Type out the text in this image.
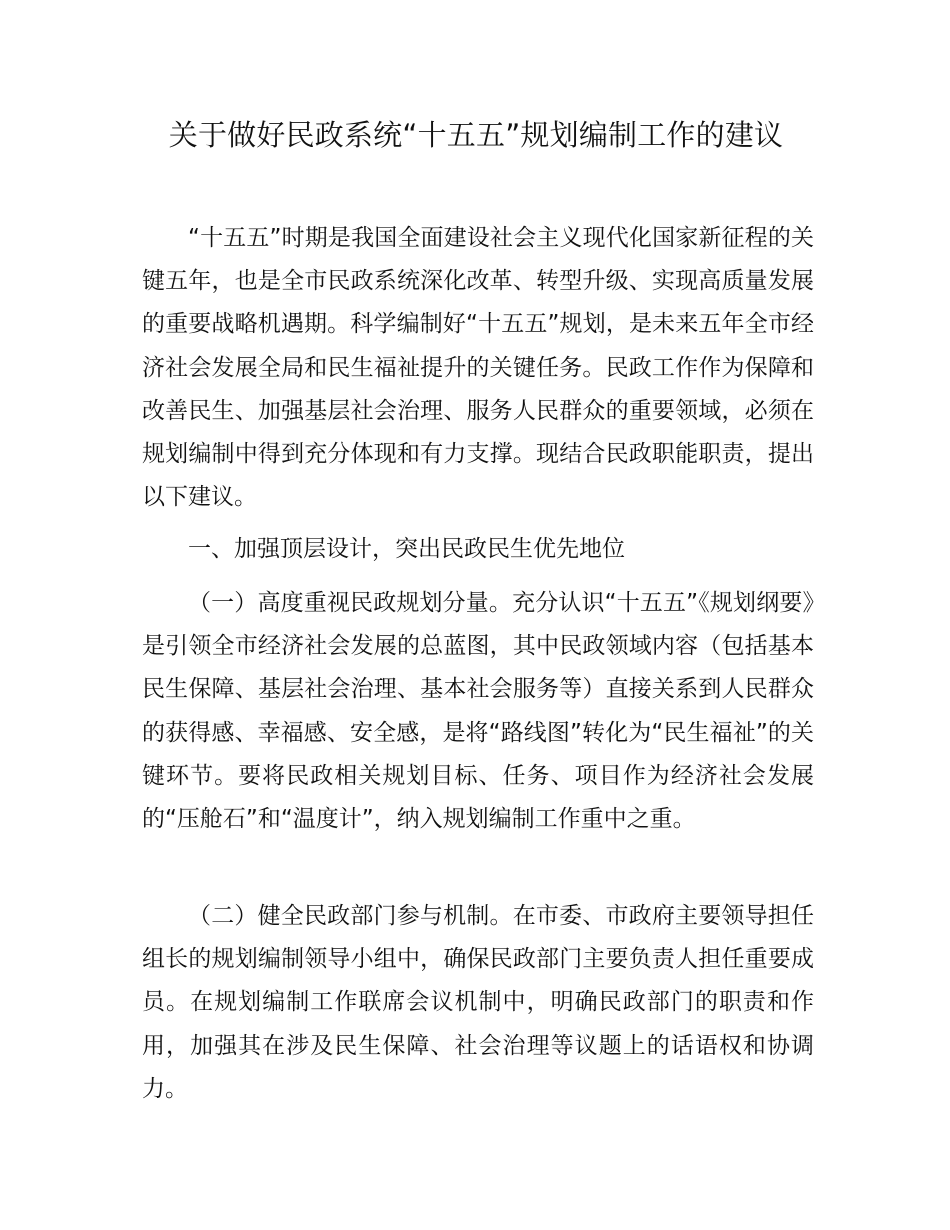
关于做好民政系统“十五五”规划编制工作的建议

“十五五”时期是我国全面建设社会主义现代化国家新征程的关键五年，也是全市民政系统深化改革、转型升级、实现高质量发展的重要战略机遇期。科学编制好“十五五”规划，是未来五年全市经济社会发展全局和民生福祉提升的关键任务。民政工作作为保障和改善民生、加强基层社会治理、服务人民群众的重要领域，必须在规划编制中得到充分体现和有力支撑。现结合民政职能职责，提出以下建议。

一、加强顶层设计，突出民政民生优先地位

（一）高度重视民政规划分量。充分认识“十五五”《规划纲要》是引领全市经济社会发展的总蓝图，其中民政领域内容（包括基本民生保障、基层社会治理、基本社会服务等）直接关系到人民群众的获得感、幸福感、安全感，是将“路线图”转化为“民生福祉”的关键环节。要将民政相关规划目标、任务、项目作为经济社会发展的“压舱石”和“温度计”，纳入规划编制工作重中之重。

（二）健全民政部门参与机制。在市委、市政府主要领导担任组长的规划编制领导小组中，确保民政部门主要负责人担任重要成员。在规划编制工作联席会议机制中，明确民政部门的职责和作用，加强其在涉及民生保障、社会治理等议题上的话语权和协调力。
